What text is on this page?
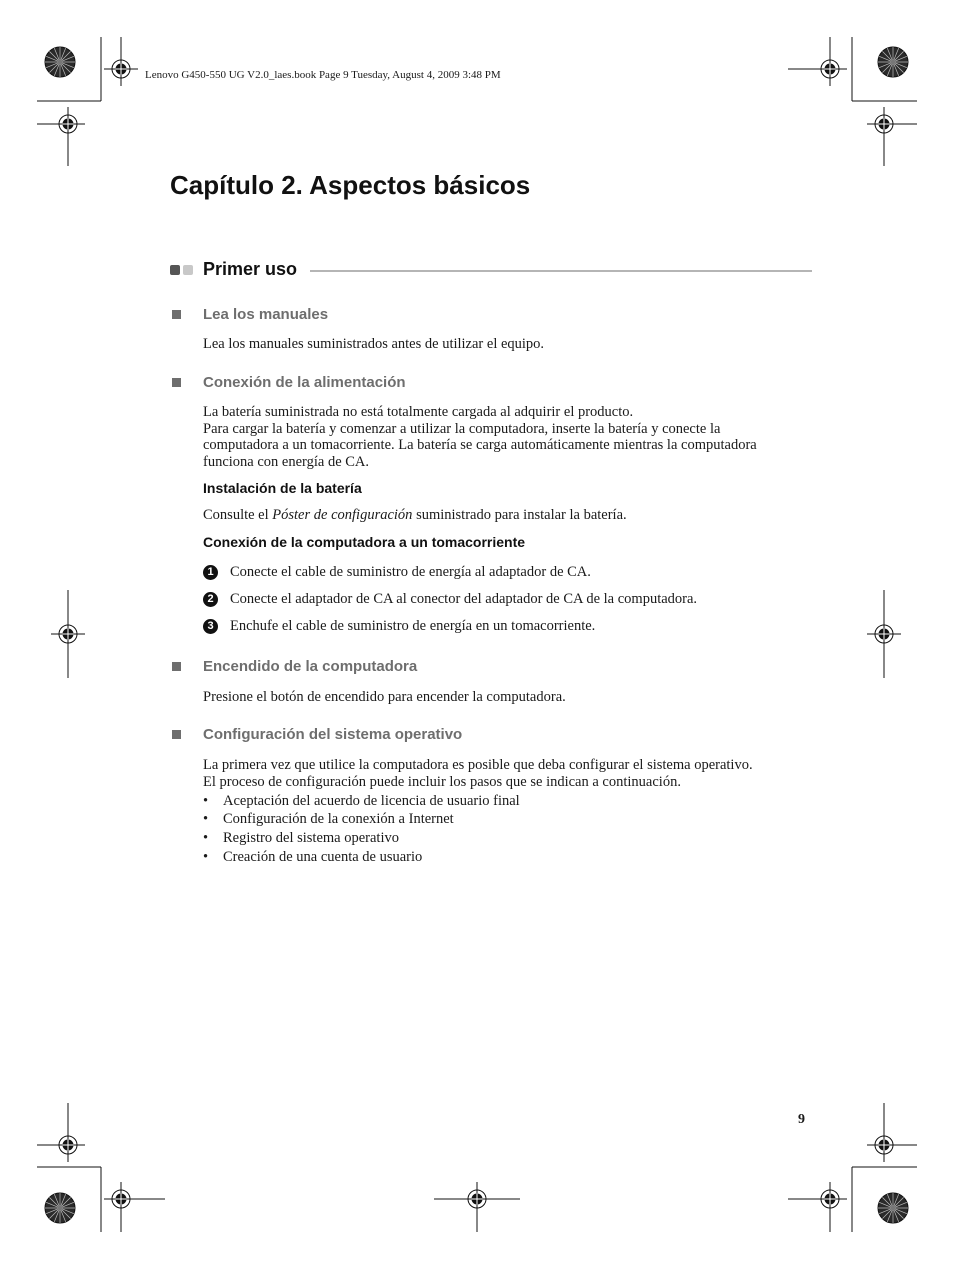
Lenovo G450-550 UG V2.0_laes.book Page 9 Tuesday, August 4, 2009 3:48 PM
Capítulo 2. Aspectos básicos
Primer uso
Lea los manuales
Lea los manuales suministrados antes de utilizar el equipo.
Conexión de la alimentación
La batería suministrada no está totalmente cargada al adquirir el producto.
Para cargar la batería y comenzar a utilizar la computadora, inserte la batería y conecte la
computadora a un tomacorriente. La batería se carga automáticamente mientras la computadora
funciona con energía de CA.
Instalación de la batería
Consulte el Póster de configuración suministrado para instalar la batería.
Conexión de la computadora a un tomacorriente
1	Conecte el cable de suministro de energía al adaptador de CA.
2	Conecte el adaptador de CA al conector del adaptador de CA de la computadora.
3	Enchufe el cable de suministro de energía en un tomacorriente.
Encendido de la computadora
Presione el botón de encendido para encender la computadora.
Configuración del sistema operativo
La primera vez que utilice la computadora es posible que deba configurar el sistema operativo.
El proceso de configuración puede incluir los pasos que se indican a continuación.
• Aceptación del acuerdo de licencia de usuario final
• Configuración de la conexión a Internet
• Registro del sistema operativo
• Creación de una cuenta de usuario
9
